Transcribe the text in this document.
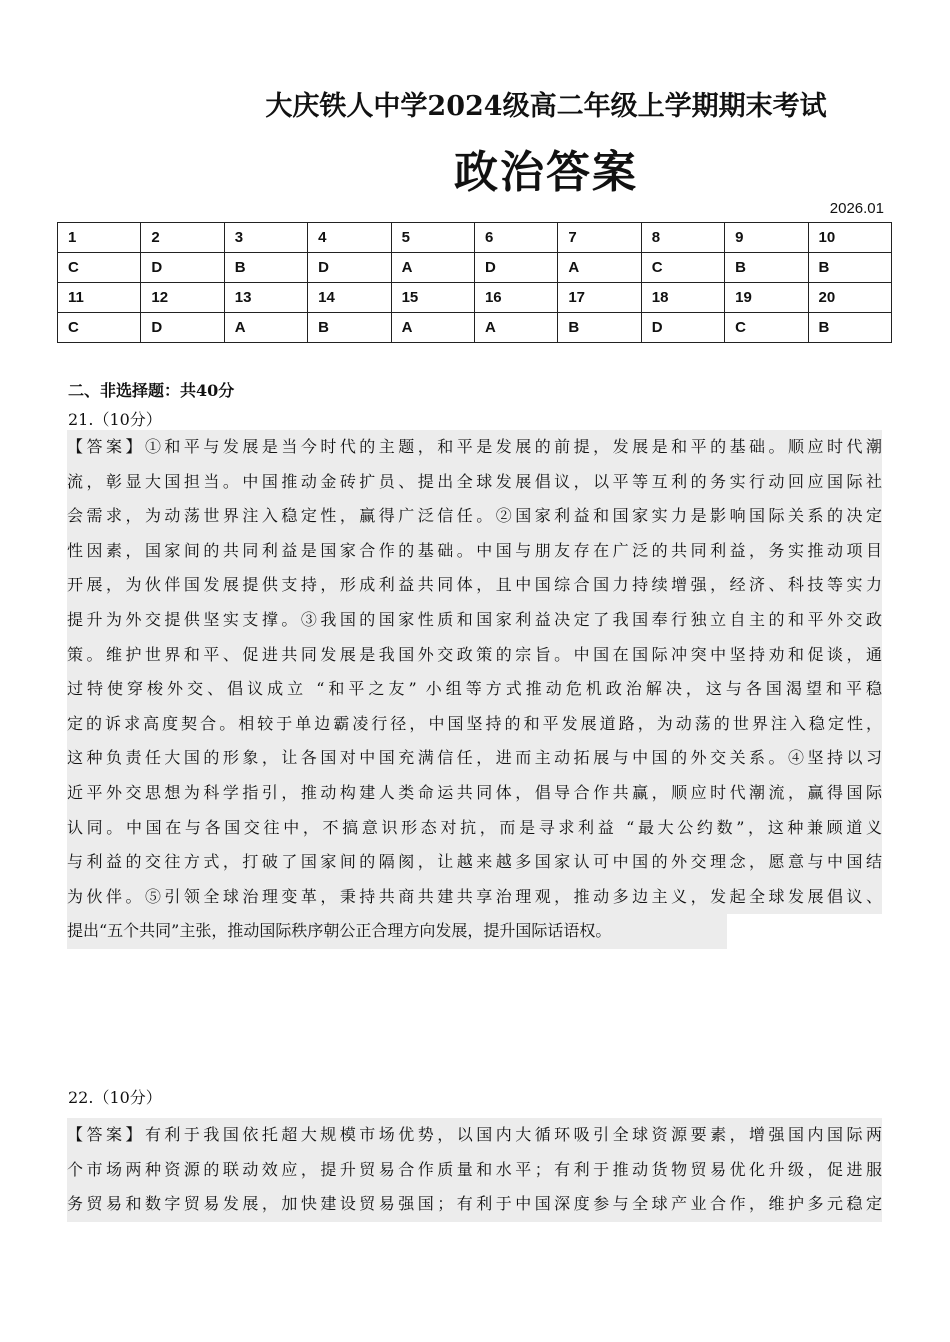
大庆铁人中学2024级高二年级上学期期末考试
政治答案
2026.01
1	2	3	4	5	6	7	8	9	10
C	D	B	D	A	D	A	C	B	B
11	12	13	14	15	16	17	18	19	20
C	D	A	B	A	A	B	D	C	B
二、非选择题：共40分
21.（10分）
【答案】①和平与发展是当今时代的主题，和平是发展的前提，发展是和平的基础。顺应时代潮
流，彰显大国担当。中国推动金砖扩员、提出全球发展倡议，以平等互利的务实行动回应国际社
会需求，为动荡世界注入稳定性，赢得广泛信任。②国家利益和国家实力是影响国际关系的决定
性因素，国家间的共同利益是国家合作的基础。中国与朋友存在广泛的共同利益，务实推动项目
开展，为伙伴国发展提供支持，形成利益共同体，且中国综合国力持续增强，经济、科技等实力
提升为外交提供坚实支撑。③我国的国家性质和国家利益决定了我国奉行独立自主的和平外交政
策。维护世界和平、促进共同发展是我国外交政策的宗旨。中国在国际冲突中坚持劝和促谈，通
过特使穿梭外交、倡议成立 “和平之友” 小组等方式推动危机政治解决，这与各国渴望和平稳
定的诉求高度契合。相较于单边霸凌行径，中国坚持的和平发展道路，为动荡的世界注入稳定性，
这种负责任大国的形象，让各国对中国充满信任，进而主动拓展与中国的外交关系。④坚持以习
近平外交思想为科学指引，推动构建人类命运共同体，倡导合作共赢，顺应时代潮流，赢得国际
认同。中国在与各国交往中，不搞意识形态对抗，而是寻求利益 “最大公约数”，这种兼顾道义
与利益的交往方式，打破了国家间的隔阂，让越来越多国家认可中国的外交理念，愿意与中国结
为伙伴。⑤引领全球治理变革，秉持共商共建共享治理观，推动多边主义，发起全球发展倡议、
提出“五个共同”主张，推动国际秩序朝公正合理方向发展，提升国际话语权。
22.（10分）
【答案】有利于我国依托超大规模市场优势，以国内大循环吸引全球资源要素，增强国内国际两
个市场两种资源的联动效应，提升贸易合作质量和水平；有利于推动货物贸易优化升级，促进服
务贸易和数字贸易发展，加快建设贸易强国；有利于中国深度参与全球产业合作，维护多元稳定
